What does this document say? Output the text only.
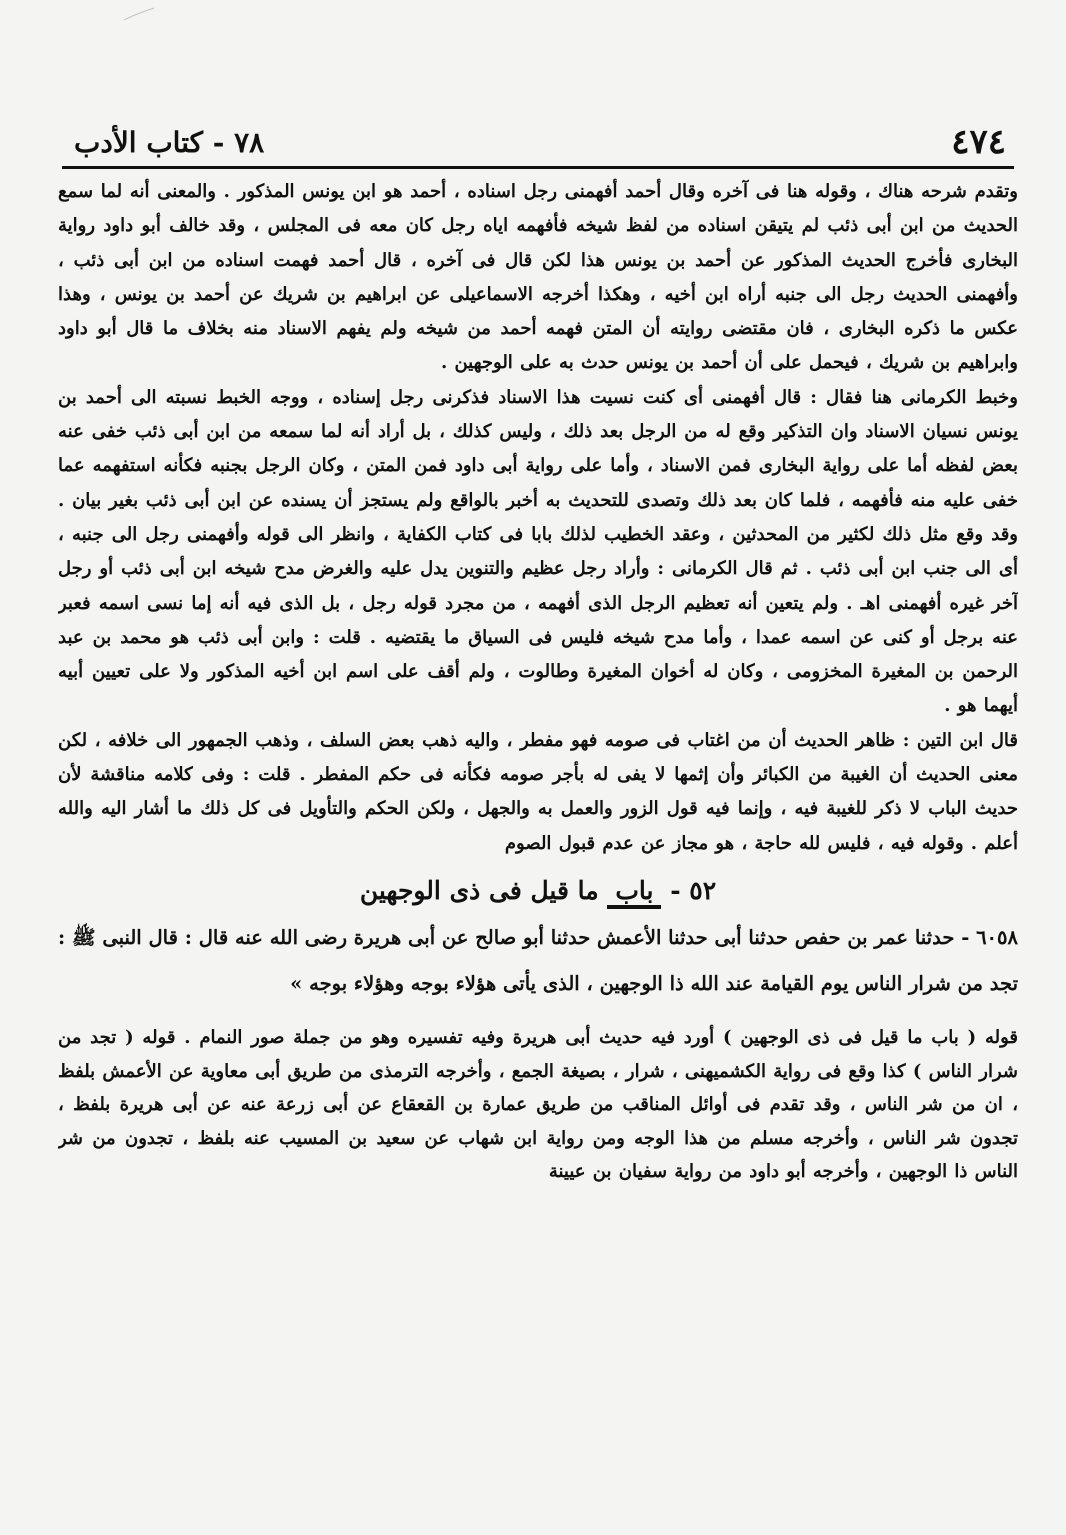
٤٧٤
٧٨ - كتاب الأدب

وتقدم شرحه هناك ، وقوله هنا فى آخره وقال أحمد أفهمنى رجل اسناده ، أحمد هو ابن يونس المذكور . والمعنى أنه لما سمع الحديث من ابن أبى ذئب لم يتيقن اسناده من لفظ شيخه فأفهمه اياه رجل كان معه فى المجلس ، وقد خالف أبو داود رواية البخارى فأخرج الحديث المذكور عن أحمد بن يونس هذا لكن قال فى آخره ، قال أحمد فهمت اسناده من ابن أبى ذئب ، وأفهمنى الحديث رجل الى جنبه أراه ابن أخيه ، وهكذا أخرجه الاسماعيلى عن ابراهيم بن شريك عن أحمد بن يونس ، وهذا عكس ما ذكره البخارى ، فان مقتضى روايته أن المتن فهمه أحمد من شيخه ولم يفهم الاسناد منه بخلاف ما قال أبو داود وابراهيم بن شريك ، فيحمل على أن أحمد بن يونس حدث به على الوجهين .

وخبط الكرمانى هنا فقال : قال أفهمنى أى كنت نسيت هذا الاسناد فذكرنى رجل إسناده ، ووجه الخبط نسبته الى أحمد بن يونس نسيان الاسناد وان التذكير وقع له من الرجل بعد ذلك ، وليس كذلك ، بل أراد أنه لما سمعه من ابن أبى ذئب خفى عنه بعض لفظه أما على رواية البخارى فمن الاسناد ، وأما على رواية أبى داود فمن المتن ، وكان الرجل بجنبه فكأنه استفهمه عما خفى عليه منه فأفهمه ، فلما كان بعد ذلك وتصدى للتحديث به أخبر بالواقع ولم يستجز أن يسنده عن ابن أبى ذئب بغير بيان . وقد وقع مثل ذلك لكثير من المحدثين ، وعقد الخطيب لذلك بابا فى كتاب الكفاية ، وانظر الى قوله وأفهمنى رجل الى جنبه ، أى الى جنب ابن أبى ذئب . ثم قال الكرمانى : وأراد رجل عظيم والتنوين يدل عليه والغرض مدح شيخه ابن أبى ذئب أو رجل آخر غيره أفهمنى اهـ . ولم يتعين أنه تعظيم الرجل الذى أفهمه ، من مجرد قوله رجل ، بل الذى فيه أنه إما نسى اسمه فعبر عنه برجل أو كنى عن اسمه عمدا ، وأما مدح شيخه فليس فى السياق ما يقتضيه . قلت : وابن أبى ذئب هو محمد بن عبد الرحمن بن المغيرة المخزومى ، وكان له أخوان المغيرة وطالوت ، ولم أقف على اسم ابن أخيه المذكور ولا على تعيين أبيه أيهما هو .

قال ابن التين : ظاهر الحديث أن من اغتاب فى صومه فهو مفطر ، واليه ذهب بعض السلف ، وذهب الجمهور الى خلافه ، لكن معنى الحديث أن الغيبة من الكبائر وأن إثمها لا يفى له بأجر صومه فكأنه فى حكم المفطر . قلت : وفى كلامه مناقشة لأن حديث الباب لا ذكر للغيبة فيه ، وإنما فيه قول الزور والعمل به والجهل ، ولكن الحكم والتأويل فى كل ذلك ما أشار اليه والله أعلم . وقوله فيه ، فليس لله حاجة ، هو مجاز عن عدم قبول الصوم

٥٢ - باب ما قيل فى ذى الوجهين

٦٠٥٨ - حدثنا عمر بن حفص حدثنا أبى حدثنا الأعمش حدثنا أبو صالح عن أبى هريرة رضى الله عنه قال : قال النبى ﷺ : تجد من شرار الناس يوم القيامة عند الله ذا الوجهين ، الذى يأتى هؤلاء بوجه وهؤلاء بوجه »

قوله ( باب ما قيل فى ذى الوجهين ) أورد فيه حديث أبى هريرة وفيه تفسيره وهو من جملة صور النمام . قوله ( تجد من شرار الناس ) كذا وقع فى رواية الكشميهنى ، شرار ، بصيغة الجمع ، وأخرجه الترمذى من طريق أبى معاوية عن الأعمش بلفظ ، ان من شر الناس ، وقد تقدم فى أوائل المناقب من طريق عمارة بن القعقاع عن أبى زرعة عنه عن أبى هريرة بلفظ ، تجدون شر الناس ، وأخرجه مسلم من هذا الوجه ومن رواية ابن شهاب عن سعيد بن المسيب عنه بلفظ ، تجدون من شر الناس ذا الوجهين ، وأخرجه أبو داود من رواية سفيان بن عيينة
